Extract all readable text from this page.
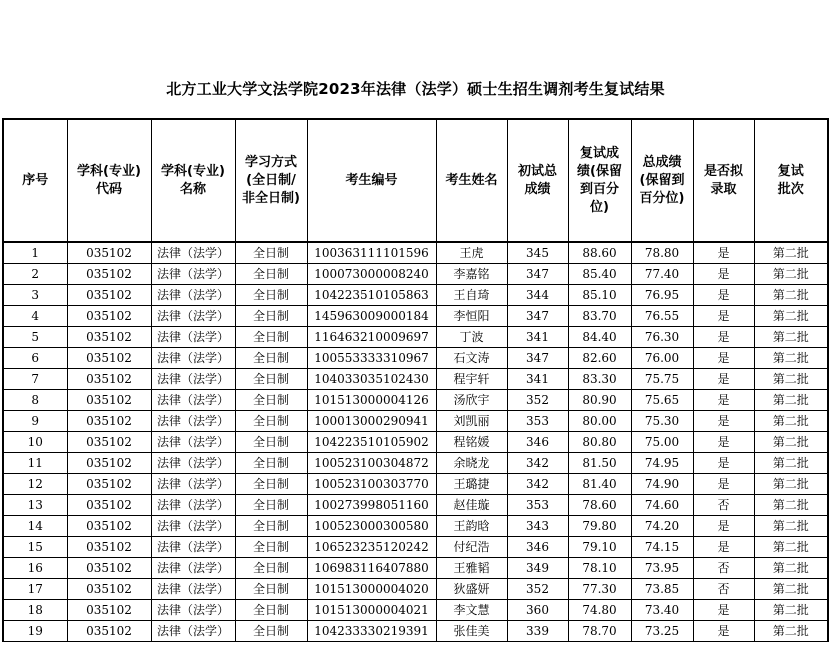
北方工业大学文法学院2023年法律（法学）硕士生招生调剂考生复试结果
序号	学科(专业)代码	学科(专业)名称	学习方式(全日制/非全日制)	考生编号	考生姓名	初试总成绩	复试成绩(保留到百分位)	总成绩(保留到百分位)	是否拟录取	复试批次
1	035102	法律（法学）	全日制	100363111101596	王虎	345	88.60	78.80	是	第二批
2	035102	法律（法学）	全日制	100073000008240	李嘉铭	347	85.40	77.40	是	第二批
3	035102	法律（法学）	全日制	104223510105863	王自琦	344	85.10	76.95	是	第二批
4	035102	法律（法学）	全日制	145963009000184	李恒阳	347	83.70	76.55	是	第二批
5	035102	法律（法学）	全日制	116463210009697	丁波	341	84.40	76.30	是	第二批
6	035102	法律（法学）	全日制	100553333310967	石文涛	347	82.60	76.00	是	第二批
7	035102	法律（法学）	全日制	104033035102430	程宇轩	341	83.30	75.75	是	第二批
8	035102	法律（法学）	全日制	101513000004126	汤欣宇	352	80.90	75.65	是	第二批
9	035102	法律（法学）	全日制	100013000290941	刘凯丽	353	80.00	75.30	是	第二批
10	035102	法律（法学）	全日制	104223510105902	程铭媛	346	80.80	75.00	是	第二批
11	035102	法律（法学）	全日制	100523100304872	余晓龙	342	81.50	74.95	是	第二批
12	035102	法律（法学）	全日制	100523100303770	王璐捷	342	81.40	74.90	是	第二批
13	035102	法律（法学）	全日制	100273998051160	赵佳璇	353	78.60	74.60	否	第二批
14	035102	法律（法学）	全日制	100523000300580	王韵晗	343	79.80	74.20	是	第二批
15	035102	法律（法学）	全日制	106523235120242	付纪浩	346	79.10	74.15	是	第二批
16	035102	法律（法学）	全日制	106983116407880	王雅韬	349	78.10	73.95	否	第二批
17	035102	法律（法学）	全日制	101513000004020	狄盛妍	352	77.30	73.85	否	第二批
18	035102	法律（法学）	全日制	101513000004021	李文慧	360	74.80	73.40	是	第二批
19	035102	法律（法学）	全日制	104233330219391	张佳美	339	78.70	73.25	是	第二批
